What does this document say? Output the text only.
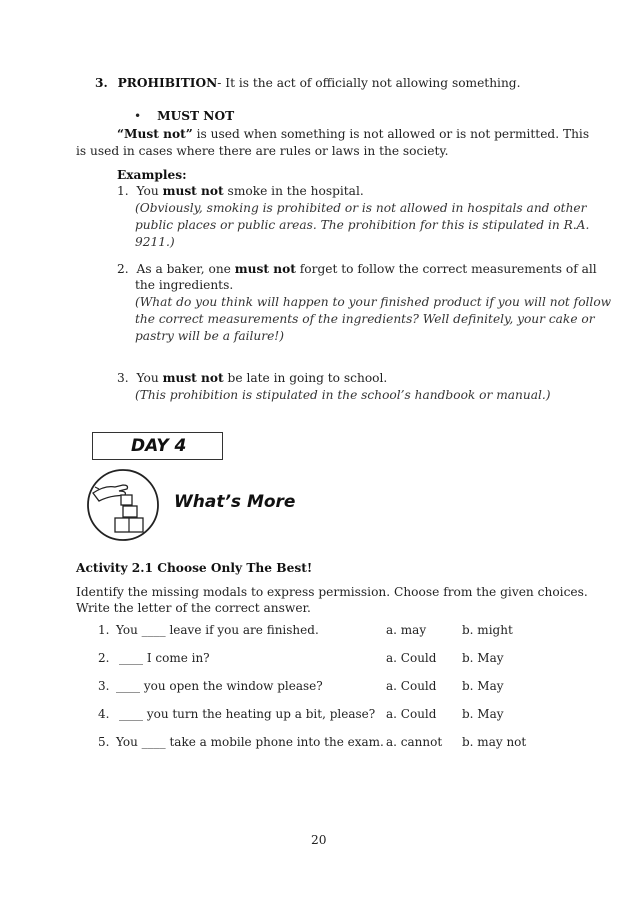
3. PROHIBITION- It is the act of officially not allowing something.
• MUST NOT
“Must not” is used when something is not allowed or is not permitted. This
is used in cases where there are rules or laws in the society.
Examples:
1. You must not smoke in the hospital.
(Obviously, smoking is prohibited or is not allowed in hospitals and other
public places or public areas. The prohibition for this is stipulated in R.A.
9211.)
2. As a baker, one must not forget to follow the correct measurements of all
the ingredients.
(What do you think will happen to your finished product if you will not follow
the correct measurements of the ingredients? Well definitely, your cake or
pastry will be a failure!)
3. You must not be late in going to school.
(This prohibition is stipulated in the school’s handbook or manual.)
DAY 4
What’s More
Activity 2.1 Choose Only The Best!
Identify the missing modals to express permission. Choose from the given choices.
Write the letter of the correct answer.
1. You ____ leave if you are finished.	a. may	b. might
2. ____ I come in?	a. Could b. May
3. ____ you open the window please?	a. Could b. May
4. ____ you turn the heating up a bit, please? a. Could b. May
5. You ____ take a mobile phone into the exam. a. cannot b. may not
20
